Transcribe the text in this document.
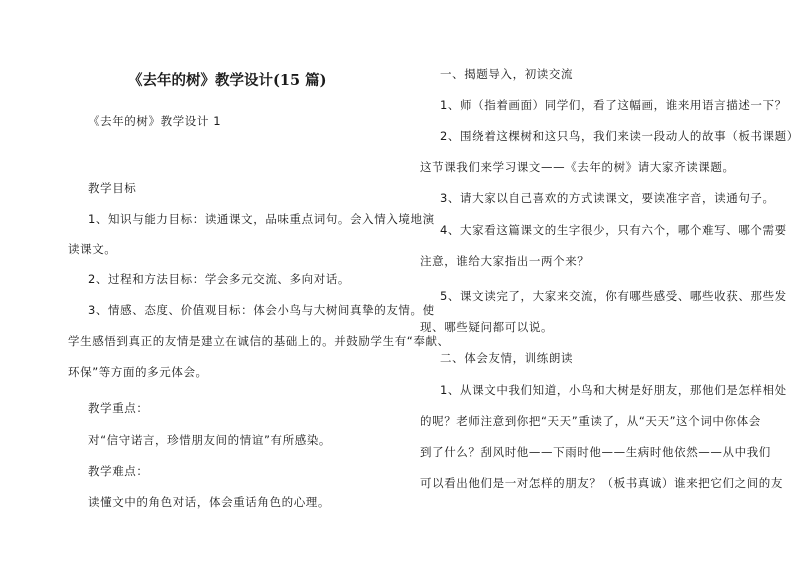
《去年的树》教学设计(15 篇)
《去年的树》教学设计 1
教学目标
1、知识与能力目标：读通课文，品味重点词句。会入情入境地演
读课文。
2、过程和方法目标：学会多元交流、多向对话。
3、情感、态度、价值观目标：体会小鸟与大树间真挚的友情。使
学生感悟到真正的友情是建立在诚信的基础上的。并鼓励学生有“奉献、
环保”等方面的多元体会。
教学重点：
对“信守诺言，珍惜朋友间的情谊”有所感染。
教学难点：
读懂文中的角色对话，体会重话角色的心理。
一、揭题导入，初读交流
1、师（指着画面）同学们，看了这幅画，谁来用语言描述一下？
2、围绕着这棵树和这只鸟，我们来读一段动人的故事（板书课题）
这节课我们来学习课文——《去年的树》请大家齐读课题。
3、请大家以自己喜欢的方式读课文，要读准字音，读通句子。
4、大家看这篇课文的生字很少，只有六个，哪个难写、哪个需要
注意，谁给大家指出一两个来？
5、课文读完了，大家来交流，你有哪些感受、哪些收获、那些发
现、哪些疑问都可以说。
二、体会友情，训练朗读
1、从课文中我们知道，小鸟和大树是好朋友，那他们是怎样相处
的呢？老师注意到你把“天天”重读了，从“天天”这个词中你体会
到了什么？刮风时他——下雨时他——生病时他依然——从中我们
可以看出他们是一对怎样的朋友？（板书真诚）谁来把它们之间的友
